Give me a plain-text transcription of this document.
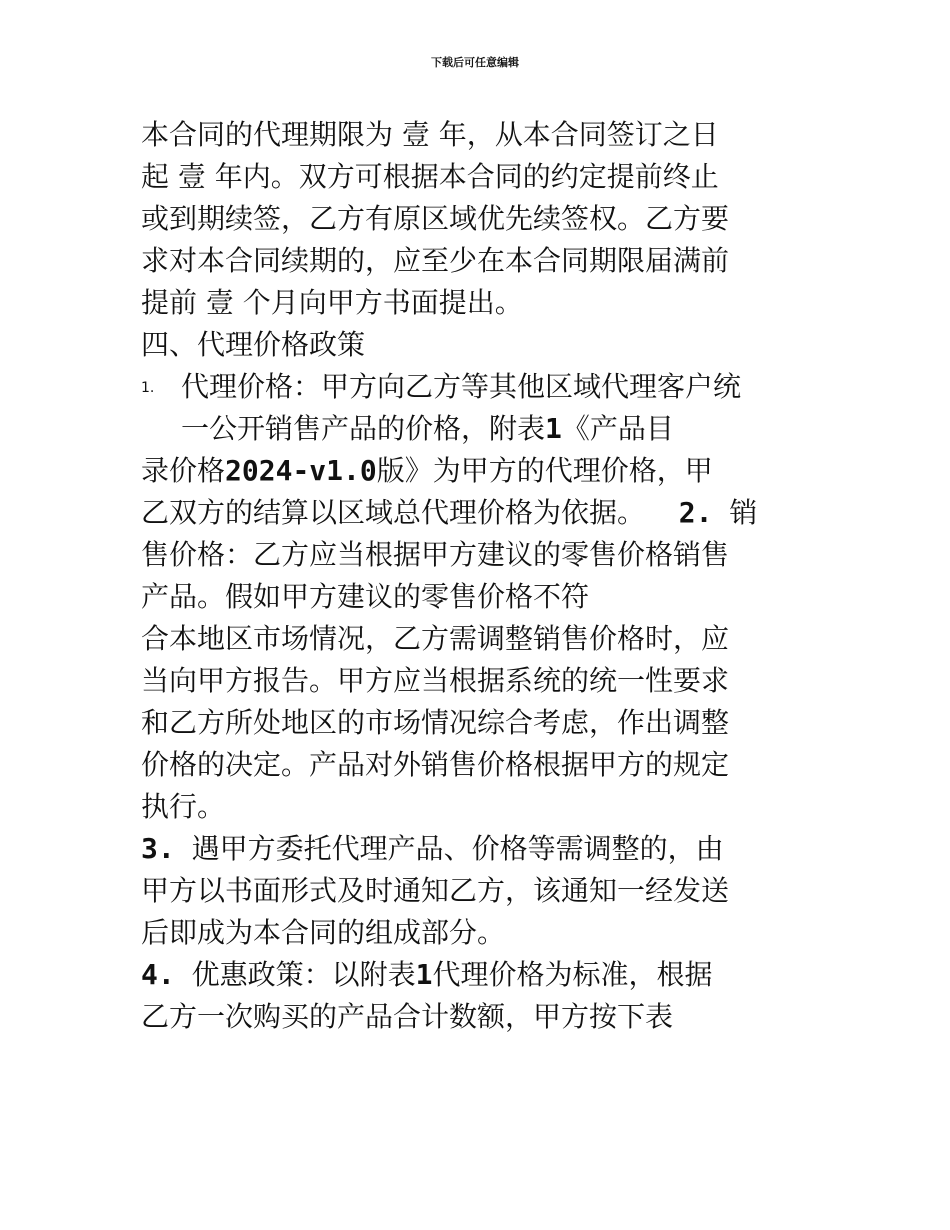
下载后可任意编辑
本合同的代理期限为 壹 年，从本合同签订之日
起 壹 年内。双方可根据本合同的约定提前终止
或到期续签，乙方有原区域优先续签权。乙方要
求对本合同续期的，应至少在本合同期限届满前
提前 壹 个月向甲方书面提出。
四、代理价格政策
1. 代理价格：甲方向乙方等其他区域代理客户统
一公开销售产品的价格，附表1《产品目
录价格2024-v1.0版》为甲方的代理价格，甲
乙双方的结算以区域总代理价格为依据。  2. 销
售价格：乙方应当根据甲方建议的零售价格销售
产品。假如甲方建议的零售价格不符
合本地区市场情况，乙方需调整销售价格时，应
当向甲方报告。甲方应当根据系统的统一性要求
和乙方所处地区的市场情况综合考虑，作出调整
价格的决定。产品对外销售价格根据甲方的规定
执行。
3. 遇甲方委托代理产品、价格等需调整的，由
甲方以书面形式及时通知乙方，该通知一经发送
后即成为本合同的组成部分。
4. 优惠政策：以附表1代理价格为标准，根据
乙方一次购买的产品合计数额，甲方按下表
